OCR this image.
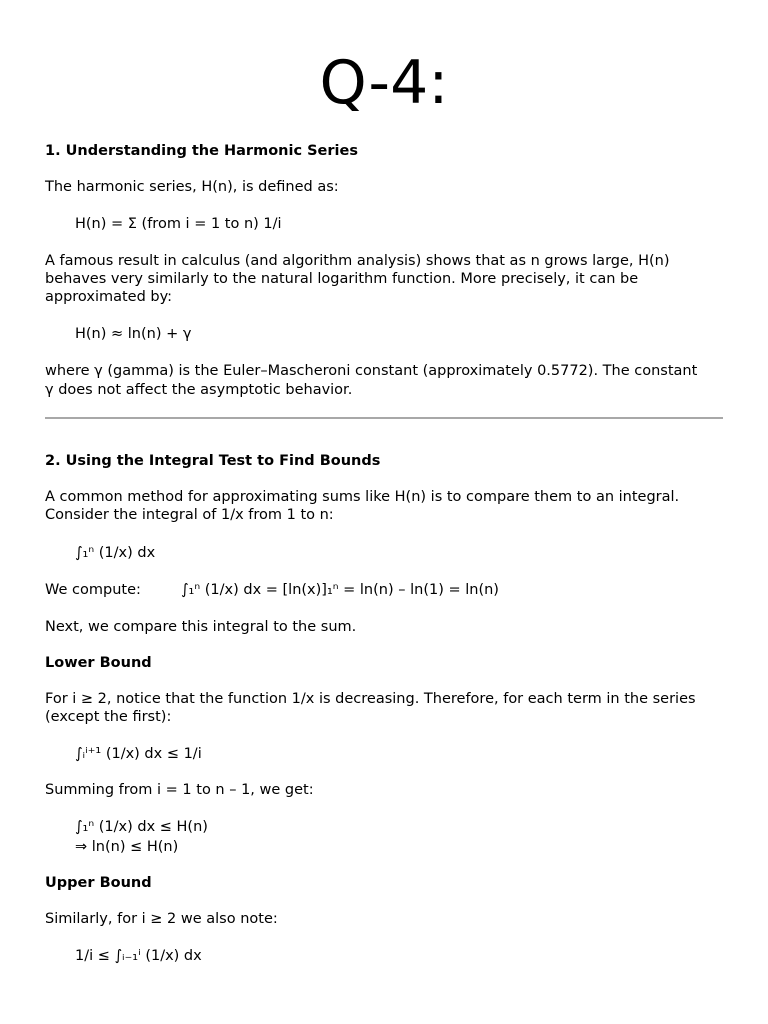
Q-4:

1. Understanding the Harmonic Series

The harmonic series, H(n), is defined as:

H(n) = Σ (from i = 1 to n) 1/i

A famous result in calculus (and algorithm analysis) shows that as n grows large, H(n)

behaves very similarly to the natural logarithm function. More precisely, it can be

approximated by:

H(n) ≈ ln(n) + γ

where γ (gamma) is the Euler–Mascheroni constant (approximately 0.5772). The constant

γ does not affect the asymptotic behavior.

2. Using the Integral Test to Find Bounds

A common method for approximating sums like H(n) is to compare them to an integral.

Consider the integral of 1/x from 1 to n:

∫₁ⁿ (1/x) dx

We compute:	∫₁ⁿ (1/x) dx = [ln(x)]₁ⁿ = ln(n) – ln(1) = ln(n)

Next, we compare this integral to the sum.

Lower Bound

For i ≥ 2, notice that the function 1/x is decreasing. Therefore, for each term in the series

(except the first):

∫ᵢⁱ⁺¹ (1/x) dx ≤ 1/i

Summing from i = 1 to n – 1, we get:

∫₁ⁿ (1/x) dx ≤ H(n)

⇒ ln(n) ≤ H(n)

Upper Bound

Similarly, for i ≥ 2 we also note:

1/i ≤ ∫ᵢ₋₁ⁱ (1/x) dx
